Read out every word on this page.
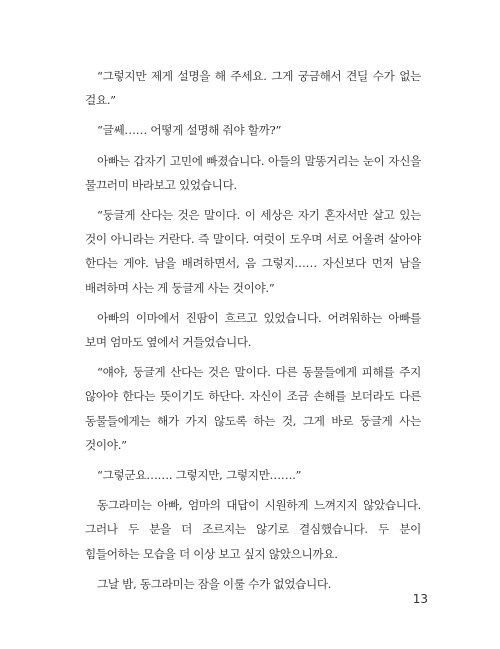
“그렇지만 제게 설명을 해 주세요. 그게 궁금해서 견딜 수가 없는 걸요.”

“글쎄…… 어떻게 설명해 줘야 할까?”

아빠는 갑자기 고민에 빠졌습니다. 아들의 말똥거리는 눈이 자신을 물끄러미 바라보고 있었습니다.

“둥글게 산다는 것은 말이다. 이 세상은 자기 혼자서만 살고 있는 것이 아니라는 거란다. 즉 말이다. 여럿이 도우며 서로 어울려 살아야 한다는 게야. 남을 배려하면서, 음 그렇지…… 자신보다 먼저 남을 배려하며 사는 게 둥글게 사는 것이야.”

아빠의 이마에서 진땀이 흐르고 있었습니다. 어려워하는 아빠를 보며 엄마도 옆에서 거들었습니다.

“얘야, 둥글게 산다는 것은 말이다. 다른 동물들에게 피해를 주지 않아야 한다는 뜻이기도 하단다. 자신이 조금 손해를 보더라도 다른 동물들에게는 해가 가지 않도록 하는 것, 그게 바로 둥글게 사는 것이야.”

“그렇군요……. 그렇지만, 그렇지만…….”

동그라미는 아빠, 엄마의 대답이 시원하게 느껴지지 않았습니다. 그러나 두 분을 더 조르지는 않기로 결심했습니다. 두 분이 힘들어하는 모습을 더 이상 보고 싶지 않았으니까요.

그날 밤, 동그라미는 잠을 이룰 수가 없었습니다.

13
